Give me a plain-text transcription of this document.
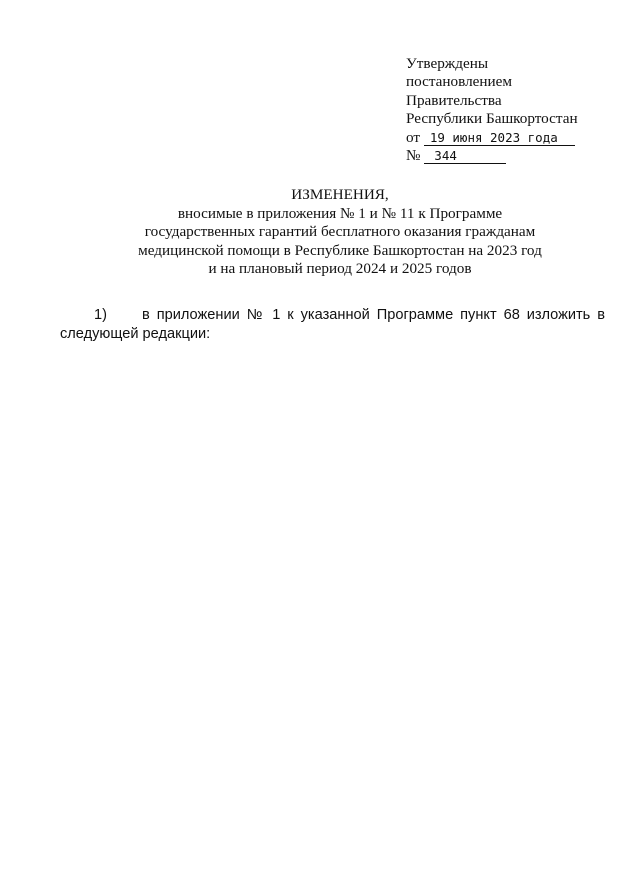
Утверждены
постановлением
Правительства
Республики Башкортостан
от 19 июня 2023 года
№ 344
ИЗМЕНЕНИЯ,
вносимые в приложения № 1 и № 11 к Программе
государственных гарантий бесплатного оказания гражданам
медицинской помощи в Республике Башкортостан на 2023 год
и на плановый период 2024 и 2025 годов
1) в приложении № 1 к указанной Программе пункт 68 изложить в
следующей редакции:
